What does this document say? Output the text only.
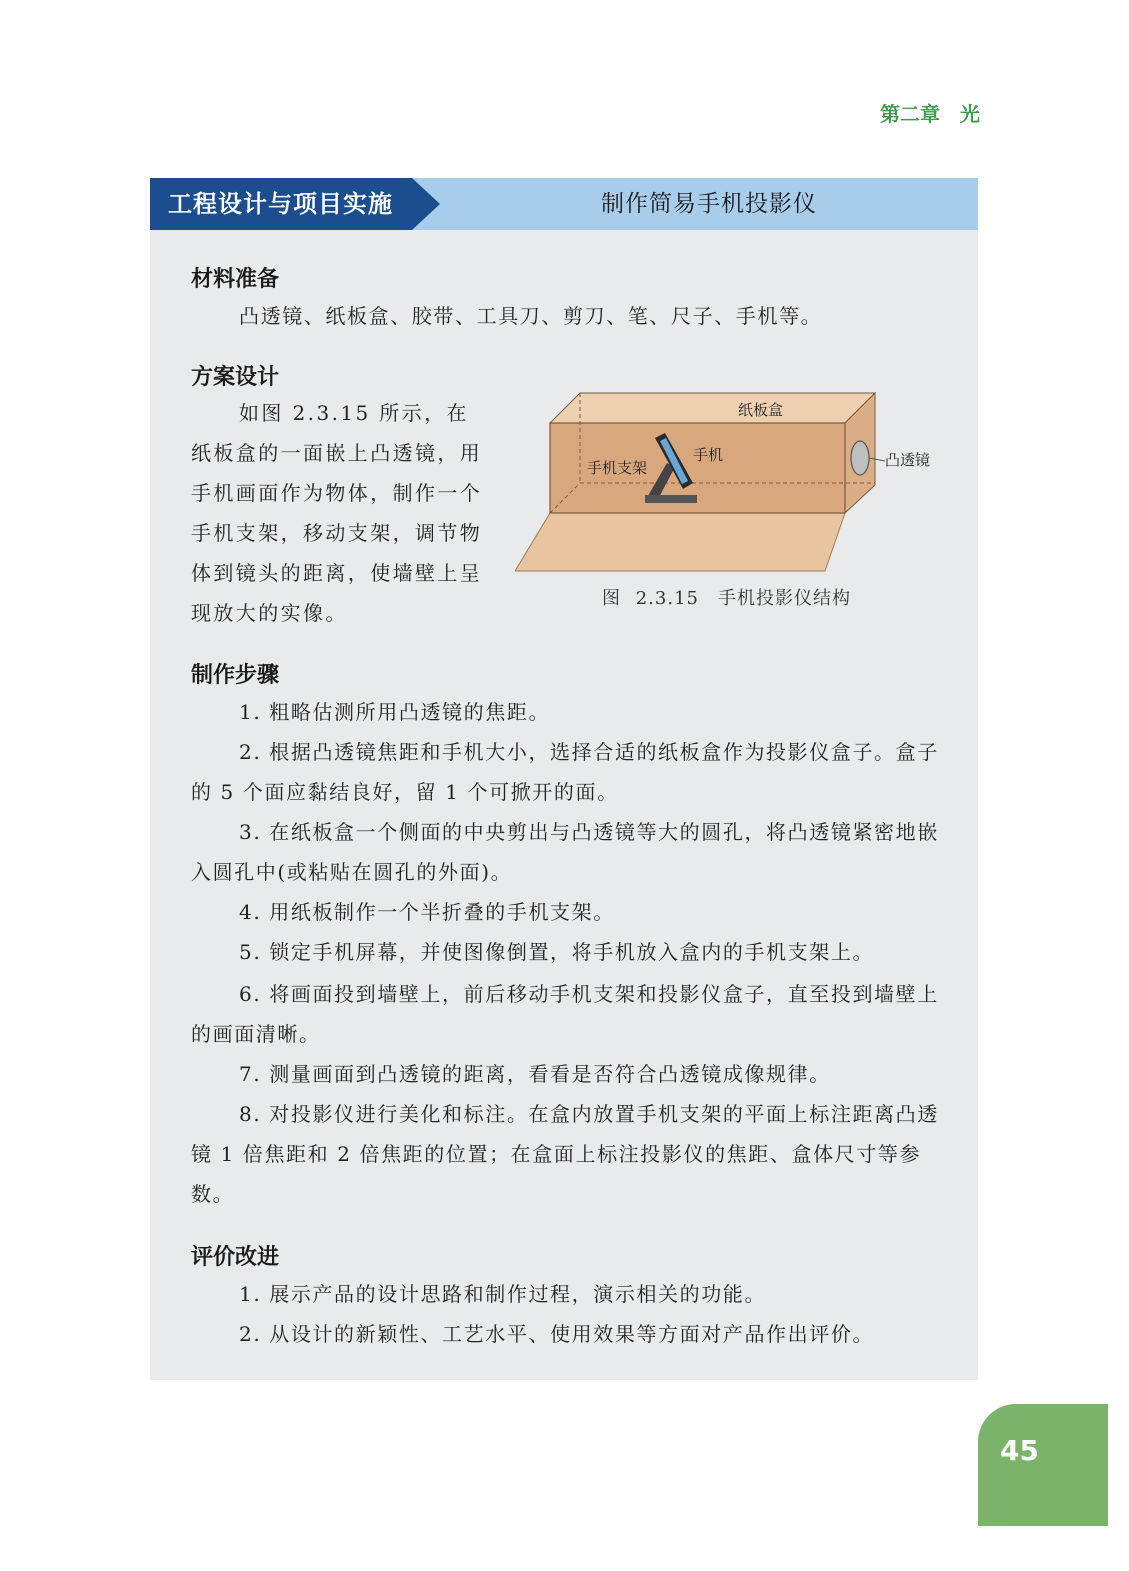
第二章　光
工程设计与项目实施	制作简易手机投影仪
材料准备
凸透镜、纸板盒、胶带、工具刀、剪刀、笔、尺子、手机等。
方案设计
如图 2.3.15 所示，在纸板盒的一面嵌上凸透镜，用手机画面作为物体，制作一个手机支架，移动支架，调节物体到镜头的距离，使墙壁上呈现放大的实像。
纸板盒
手机
手机支架	凸透镜
图 2.3.15　手机投影仪结构
制作步骤
1. 粗略估测所用凸透镜的焦距。
2. 根据凸透镜焦距和手机大小，选择合适的纸板盒作为投影仪盒子。盒子的 5 个面应黏结良好，留 1 个可掀开的面。
3. 在纸板盒一个侧面的中央剪出与凸透镜等大的圆孔，将凸透镜紧密地嵌入圆孔中(或粘贴在圆孔的外面)。
4. 用纸板制作一个半折叠的手机支架。
5. 锁定手机屏幕，并使图像倒置，将手机放入盒内的手机支架上。
6. 将画面投到墙壁上，前后移动手机支架和投影仪盒子，直至投到墙壁上的画面清晰。
7. 测量画面到凸透镜的距离，看看是否符合凸透镜成像规律。
8. 对投影仪进行美化和标注。在盒内放置手机支架的平面上标注距离凸透镜 1 倍焦距和 2 倍焦距的位置；在盒面上标注投影仪的焦距、盒体尺寸等参数。
评价改进
1. 展示产品的设计思路和制作过程，演示相关的功能。
2. 从设计的新颖性、工艺水平、使用效果等方面对产品作出评价。
45
